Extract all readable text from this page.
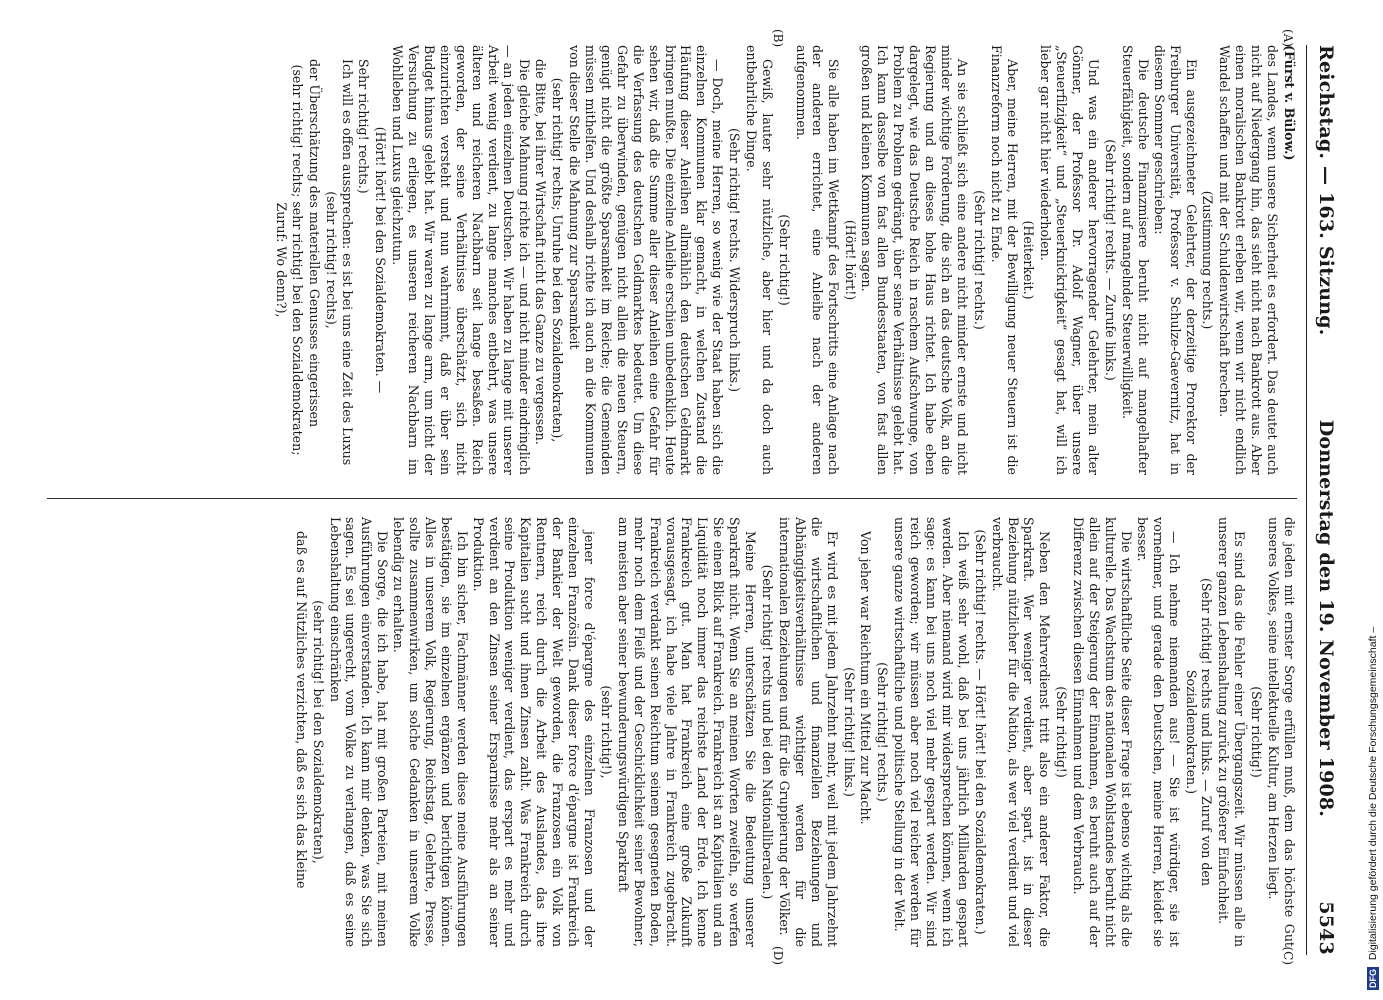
Reichstag. — 163. Sitzung.
Donnerstag den 19. November 1908.
5543
(A)
(B)

(Fürst v. Bülow.)

des Landes, wenn unsere Sicherheit es erfordert. Das deutet auch nicht auf Niedergang hin, das sieht nicht nach Bankrott aus. Aber einen moralischen Bankrott erleben wir, wenn wir nicht endlich Wandel schaffen und mit der Schuldenwirtschaft brechen.

(Zustimmung rechts.)

Ein ausgezeichneter Gelehrter, der derzeitige Prorektor der Freiburger Universität, Professor v. Schulze-Gaevernitz, hat in diesem Sommer geschrieben:

Die deutsche Finanzmisere beruht nicht auf mangelhafter Steuerfähigkeit, sondern auf mangelnder Steuerwilligkeit.

(Sehr richtig! rechts. — Zurufe links.)

Und was ein anderer hervorragender Gelehrter, mein alter Gönner, der Professor Dr. Adolf Wagner, über unsere „Steuerfilzigkeit“ und „Steuerknickrigkeit“ gesagt hat, will ich lieber gar nicht hier wiederholen.

(Heiterkeit.)

Aber, meine Herren, mit der Bewilligung neuer Steuern ist die Finanzreform noch nicht zu Ende.

(Sehr richtig! rechts.)

An sie schließt sich eine andere nicht minder ernste und nicht minder wichtige Forderung, die sich an das deutsche Volk, an die Regierung und an dieses hohe Haus richtet. Ich habe eben dargelegt, wie das Deutsche Reich in raschem Aufschwunge, von Problem zu Problem gedrängt, über seine Verhältnisse gelebt hat. Ich kann dasselbe von fast allen Bundesstaaten, von fast allen großen und kleinen Kommunen sagen.

(Hört! hört!)

Sie alle haben im Wettkampf des Fortschritts eine Anlage nach der anderen errichtet, eine Anleihe nach der anderen aufgenommen.

(Sehr richtig!)

Gewiß, lauter sehr nützliche, aber hier und da doch auch entbehrliche Dinge.

(Sehr richtig! rechts. Widerspruch links.)

— Doch, meine Herren, so wenig wie der Staat haben sich die einzelnen Kommunen klar gemacht, in welchen Zustand die Häufung dieser Anleihen allmählich den deutschen Geldmarkt bringen mußte. Die einzelne Anleihe erschien unbedenklich. Heute sehen wir, daß die Summe aller dieser Anleihen eine Gefahr für die Verfassung des deutschen Geldmarktes bedeutet. Um diese Gefahr zu überwinden, genügen nicht allein die neuen Steuern, genügt nicht die größte Sparsamkeit im Reiche; die Gemeinden müssen mithelfen. Und deshalb richte ich auch an die Kommunen von dieser Stelle die Mahnung zur Sparsamkeit

(sehr richtig! rechts; Unruhe bei den Sozialdemokraten),

die Bitte, bei ihrer Wirtschaft nicht das Ganze zu vergessen.

Die gleiche Mahnung richte ich — und nicht minder eindringlich — an jeden einzelnen Deutschen. Wir haben zu lange mit unserer Arbeit wenig verdient, zu lange manches entbehrt, was unsere älteren und reicheren Nachbarn seit lange besaßen. Reich geworden, der seine Verhältnisse überschätzt, sich nicht einzurichten versteht und nun wahrnimmt, daß er über sein Budget hinaus gelebt hat. Wir waren zu lange arm, um nicht der Versuchung zu erliegen, es unseren reicheren Nachbarn im Wohlleben und Luxus gleichzutun.

(Hört! hört! bei den Sozialdemokraten. —

Sehr richtig! rechts.)

Ich will es offen aussprechen: es ist bei uns eine Zeit des Luxus

(sehr richtig! rechts),

der Überschätzung des materiellen Genusses eingerissen

(sehr richtig! rechts; sehr richtig! bei den Sozialdemokraten; Zuruf: Wo denn?),

(C)
(D)

die jeden mit ernster Sorge erfüllen muß, dem das höchste Gut unseres Volkes, seine intellektuelle Kultur, am Herzen liegt.

(Sehr richtig!)

Es sind das die Fehler einer Übergangszeit. Wir müssen alle in unserer ganzen Lebenshaltung zurück zu größerer Einfachheit.

(Sehr richtig! rechts und links. — Zuruf von den Sozialdemokraten.)

— Ich nehme niemanden aus! — Sie ist würdiger, sie ist vornehmer, und gerade den Deutschen, meine Herren, kleidet sie besser.

Die wirtschaftliche Seite dieser Frage ist ebenso wichtig als die kulturelle. Das Wachstum des nationalen Wohlstandes beruht nicht allein auf der Steigerung der Einnahmen, es beruht auch auf der Differenz zwischen diesen Einnahmen und dem Verbrauch.

(Sehr richtig!)

Neben den Mehrverdienst tritt also ein anderer Faktor, die Sparkraft. Wer weniger verdient, aber spart, ist in dieser Beziehung nützlicher für die Nation, als wer viel verdient und viel verbraucht.

(Sehr richtig! rechts. — Hört! hört! bei den Sozialdemokraten.)

Ich weiß sehr wohl, daß bei uns jährlich Milliarden gespart werden. Aber niemand wird mir widersprechen können, wenn ich sage: es kann bei uns noch viel mehr gespart werden. Wir sind reich geworden; wir müssen aber noch viel reicher werden für unsere ganze wirtschaftliche und politische Stellung in der Welt.

(Sehr richtig! rechts.)

Von jeher war Reichtum ein Mittel zur Macht.

(Sehr richtig! links.)

Er wird es mit jedem Jahrzehnt mehr, weil mit jedem Jahrzehnt die wirtschaftlichen und finanziellen Beziehungen und Abhängigkeitsverhältnisse wichtiger werden für die internationalen Beziehungen und für die Gruppierung der Völker.

(Sehr richtig! rechts und bei den Nationalliberalen.)

Meine Herren, unterschätzen Sie die Bedeutung unserer Sparkraft nicht. Wenn Sie an meinen Worten zweifeln, so werfen Sie einen Blick auf Frankreich. Frankreich ist an Kapitalien und an Liquidität noch immer das reichste Land der Erde. Ich kenne Frankreich gut. Man hat Frankreich eine große Zukunft vorausgesagt, ich habe viele Jahre in Frankreich zugebracht. Frankreich verdankt seinen Reichtum seinem gesegneten Boden, mehr noch dem Fleiß und der Geschicklichkeit seiner Bewohner, am meisten aber seiner bewunderungswürdigen Sparkraft

(sehr richtig!),

jener force d'épargne des einzelnen Franzosen und der einzelnen Französin. Dank dieser force d'épargne ist Frankreich der Bankier der Welt geworden, die Franzosen ein Volk von Rentnern, reich durch die Arbeit des Auslandes, das ihre Kapitalien sucht und ihnen Zinsen zahlt. Was Frankreich durch seine Produktion weniger verdient, das erspart es mehr und verdient an den Zinsen seiner Ersparnisse mehr als an seiner Produktion.

Ich bin sicher, Fachmänner werden diese meine Ausführungen bestätigen, sie im einzelnen ergänzen und berichtigen können. Alles in unserem Volk, Regierung, Reichstag, Gelehrte, Presse, sollte zusammenwirken, um solche Gedanken in unserem Volke lebendig zu erhalten.

Die Sorge, die ich habe, hat mit großen Parteien, mit meinen Ausführungen einverstanden. Ich kann mir denken, was Sie sich sagen. Es sei ungerecht, vom Volke zu verlangen, daß es seine Lebenshaltung einschränken

(sehr richtig! bei den Sozialdemokraten),

daß es auf Nützliches verzichten, daß es sich das kleine

DFG Digitalisierung gefördert durch die Deutsche Forschungsgemeinschaft –
